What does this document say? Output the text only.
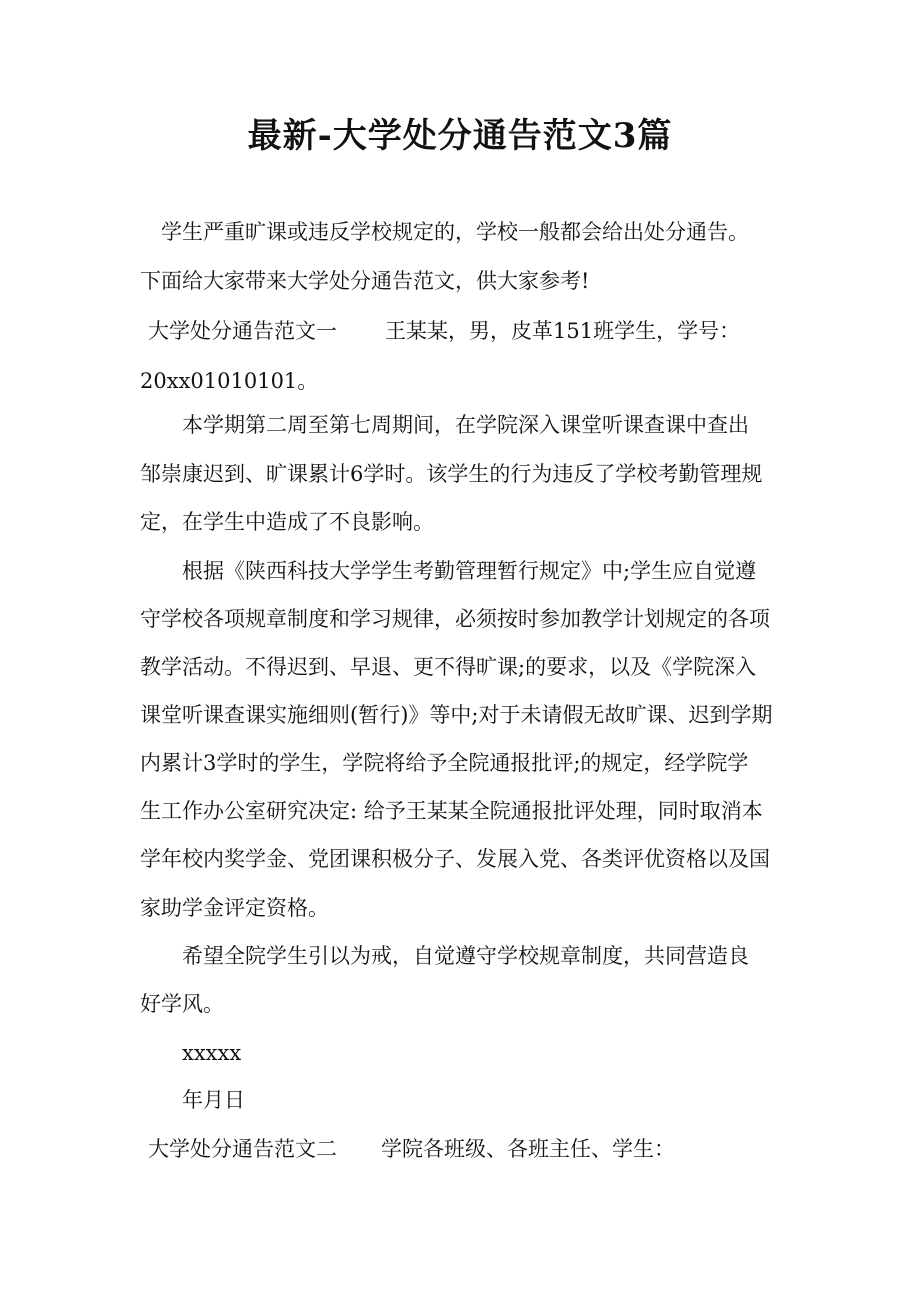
最新-大学处分通告范文3篇
　学生严重旷课或违反学校规定的，学校一般都会给出处分通告。
下面给大家带来大学处分通告范文，供大家参考!
大学处分通告范文一 王某某，男，皮革151班学生，学号：
20xx01010101。
　　本学期第二周至第七周期间，在学院深入课堂听课查课中查出
邹崇康迟到、旷课累计6学时。该学生的行为违反了学校考勤管理规
定，在学生中造成了不良影响。
　　根据《陕西科技大学学生考勤管理暂行规定》中;学生应自觉遵
守学校各项规章制度和学习规律，必须按时参加教学计划规定的各项
教学活动。不得迟到、早退、更不得旷课;的要求，以及《学院深入
课堂听课查课实施细则(暂行)》等中;对于未请假无故旷课、迟到学期
内累计3学时的学生，学院将给予全院通报批评;的规定，经学院学
生工作办公室研究决定: 给予王某某全院通报批评处理，同时取消本
学年校内奖学金、党团课积极分子、发展入党、各类评优资格以及国
家助学金评定资格。
　　希望全院学生引以为戒，自觉遵守学校规章制度，共同营造良
好学风。
　　xxxxx
　　年月日
大学处分通告范文二 学院各班级、各班主任、学生：
